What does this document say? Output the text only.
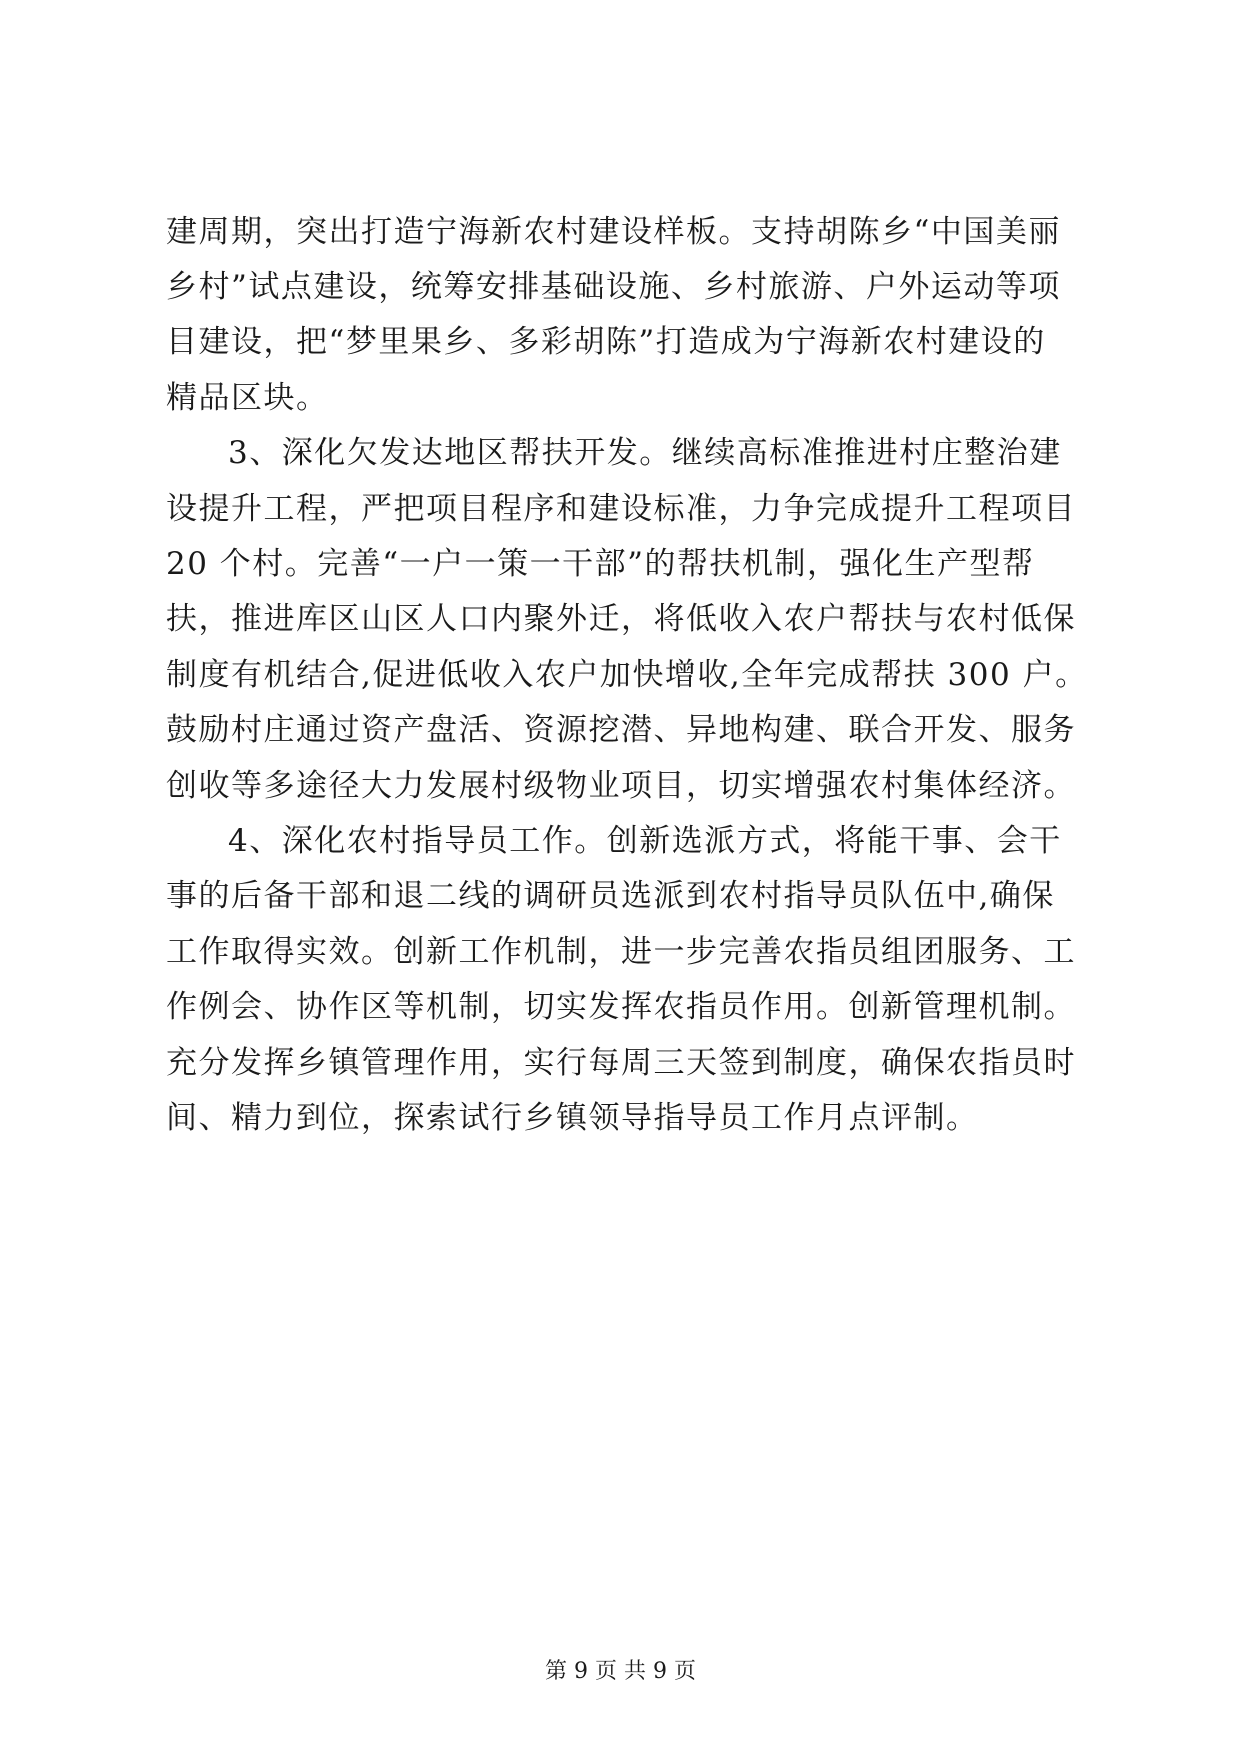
建周期，突出打造宁海新农村建设样板。支持胡陈乡“中国美丽
乡村”试点建设，统筹安排基础设施、乡村旅游、户外运动等项
目建设，把“梦里果乡、多彩胡陈”打造成为宁海新农村建设的
精品区块。
3、深化欠发达地区帮扶开发。继续高标准推进村庄整治建
设提升工程，严把项目程序和建设标准，力争完成提升工程项目
20 个村。完善“一户一策一干部”的帮扶机制，强化生产型帮
扶，推进库区山区人口内聚外迁，将低收入农户帮扶与农村低保
制度有机结合,促进低收入农户加快增收,全年完成帮扶 300 户。
鼓励村庄通过资产盘活、资源挖潜、异地构建、联合开发、服务
创收等多途径大力发展村级物业项目，切实增强农村集体经济。
4、深化农村指导员工作。创新选派方式，将能干事、会干
事的后备干部和退二线的调研员选派到农村指导员队伍中,确保
工作取得实效。创新工作机制，进一步完善农指员组团服务、工
作例会、协作区等机制，切实发挥农指员作用。创新管理机制。
充分发挥乡镇管理作用，实行每周三天签到制度，确保农指员时
间、精力到位，探索试行乡镇领导指导员工作月点评制。
第 9 页 共 9 页
